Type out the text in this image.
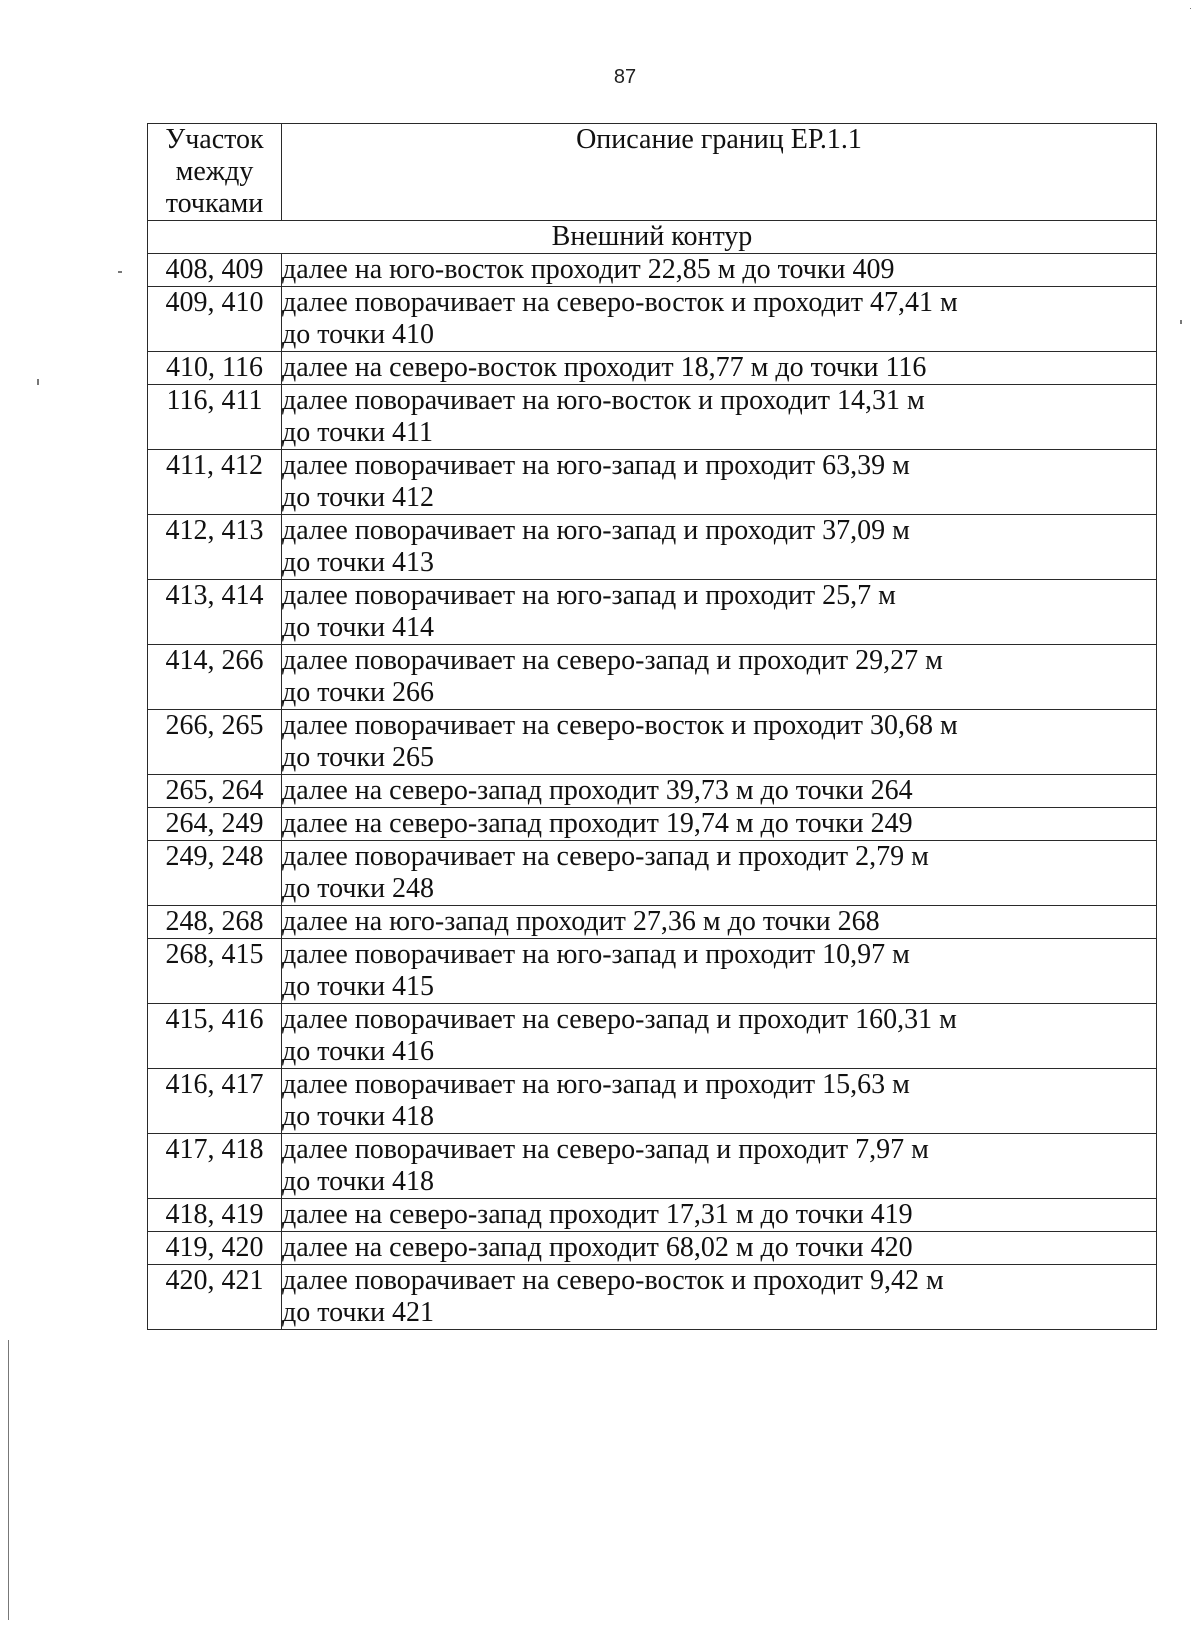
87
Участок
между
точками	Описание границ ЕР.1.1
Внешний контур	
408, 409	далее на юго-восток проходит 22,85 м до точки 409

409, 410	далее поворачивает на северо-восток и проходит 47,41 м
до точки 410

410, 116	далее на северо-восток проходит 18,77 м до точки 116

116, 411	далее поворачивает на юго-восток и проходит 14,31 м
до точки 411

411, 412	далее поворачивает на юго-запад и проходит 63,39 м
до точки 412

412, 413	далее поворачивает на юго-запад и проходит 37,09 м
до точки 413

413, 414	далее поворачивает на юго-запад и проходит 25,7 м
до точки 414

414, 266	далее поворачивает на северо-запад и проходит 29,27 м
до точки 266

266, 265	далее поворачивает на северо-восток и проходит 30,68 м
до точки 265

265, 264	далее на северо-запад проходит 39,73 м до точки 264

264, 249	далее на северо-запад проходит 19,74 м до точки 249

249, 248	далее поворачивает на северо-запад и проходит 2,79 м
до точки 248

248, 268	далее на юго-запад проходит 27,36 м до точки 268

268, 415	далее поворачивает на юго-запад и проходит 10,97 м
до точки 415

415, 416	далее поворачивает на северо-запад и проходит 160,31 м
до точки 416

416, 417	далее поворачивает на юго-запад и проходит 15,63 м
до точки 418

417, 418	далее поворачивает на северо-запад и проходит 7,97 м
до точки 418

418, 419	далее на северо-запад проходит 17,31 м до точки 419

419, 420	далее на северо-запад проходит 68,02 м до точки 420

420, 421	далее поворачивает на северо-восток и проходит 9,42 м
до точки 421
